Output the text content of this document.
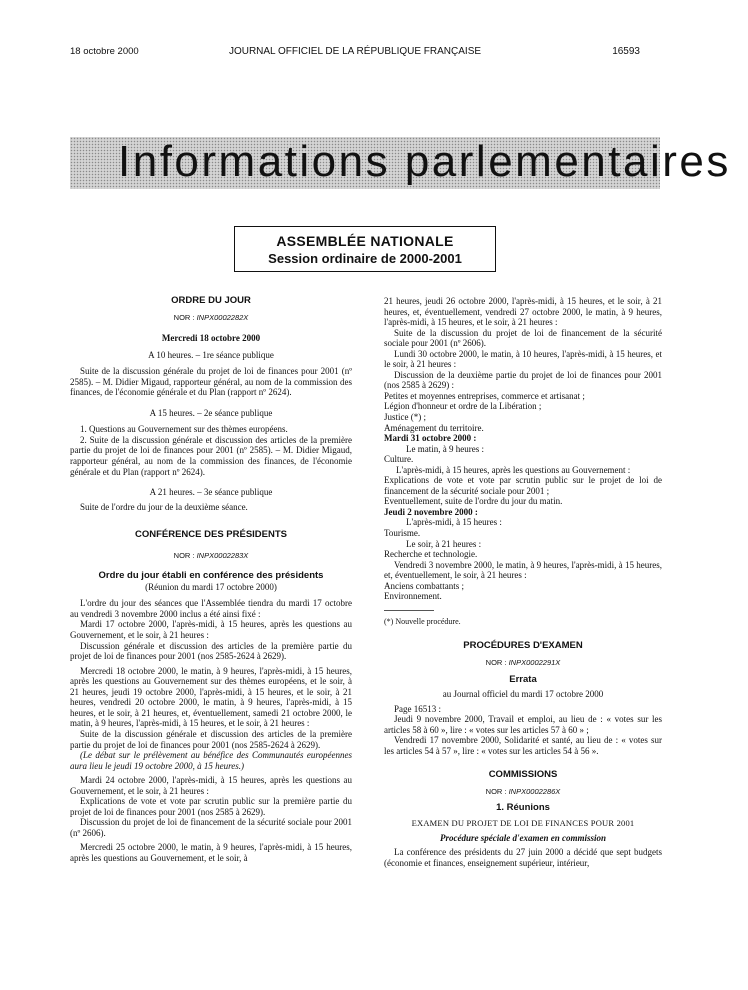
18 octobre 2000	JOURNAL OFFICIEL DE LA RÉPUBLIQUE FRANÇAISE	16593
Informations parlementaires
ASSEMBLÉE NATIONALE
Session ordinaire de 2000-2001

ORDRE DU JOUR

NOR : INPX0002282X

Mercredi 18 octobre 2000

A 10 heures. – 1re séance publique

Suite de la discussion générale du projet de loi de finances pour 2001 (nº 2585). – M. Didier Migaud, rapporteur général, au nom de la commission des finances, de l'économie générale et du Plan (rapport nº 2624).

A 15 heures. – 2e séance publique

1. Questions au Gouvernement sur des thèmes européens.

2. Suite de la discussion générale et discussion des articles de la première partie du projet de loi de finances pour 2001 (nº 2585). – M. Didier Migaud, rapporteur général, au nom de la commission des finances, de l'économie générale et du Plan (rapport nº 2624).

A 21 heures. – 3e séance publique

Suite de l'ordre du jour de la deuxième séance.

CONFÉRENCE DES PRÉSIDENTS

NOR : INPX0002283X

Ordre du jour établi en conférence des présidents

(Réunion du mardi 17 octobre 2000)

L'ordre du jour des séances que l'Assemblée tiendra du mardi 17 octobre au vendredi 3 novembre 2000 inclus a été ainsi fixé :

Mardi 17 octobre 2000, l'après-midi, à 15 heures, après les questions au Gouvernement, et le soir, à 21 heures :

Discussion générale et discussion des articles de la première partie du projet de loi de finances pour 2001 (nos 2585-2624 à 2629).

Mercredi 18 octobre 2000, le matin, à 9 heures, l'après-midi, à 15 heures, après les questions au Gouvernement sur des thèmes européens, et le soir, à 21 heures, jeudi 19 octobre 2000, l'après-midi, à 15 heures, et le soir, à 21 heures, vendredi 20 octobre 2000, le matin, à 9 heures, l'après-midi, à 15 heures, et le soir, à 21 heures, et, éventuellement, samedi 21 octobre 2000, le matin, à 9 heures, l'après-midi, à 15 heures, et le soir, à 21 heures :

Suite de la discussion générale et discussion des articles de la première partie du projet de loi de finances pour 2001 (nos 2585-2624 à 2629).

(Le débat sur le prélèvement au bénéfice des Communautés européennes aura lieu le jeudi 19 octobre 2000, à 15 heures.)

Mardi 24 octobre 2000, l'après-midi, à 15 heures, après les questions au Gouvernement, et le soir, à 21 heures :

Explications de vote et vote par scrutin public sur la première partie du projet de loi de finances pour 2001 (nos 2585 à 2629).

Discussion du projet de loi de financement de la sécurité sociale pour 2001 (nº 2606).

Mercredi 25 octobre 2000, le matin, à 9 heures, l'après-midi, à 15 heures, après les questions au Gouvernement, et le soir, à

21 heures, jeudi 26 octobre 2000, l'après-midi, à 15 heures, et le soir, à 21 heures, et, éventuellement, vendredi 27 octobre 2000, le matin, à 9 heures, l'après-midi, à 15 heures, et le soir, à 21 heures :

Suite de la discussion du projet de loi de financement de la sécurité sociale pour 2001 (nº 2606).

Lundi 30 octobre 2000, le matin, à 10 heures, l'après-midi, à 15 heures, et le soir, à 21 heures :

Discussion de la deuxième partie du projet de loi de finances pour 2001 (nos 2585 à 2629) :

Petites et moyennes entreprises, commerce et artisanat ;

Légion d'honneur et ordre de la Libération ;

Justice (*) ;

Aménagement du territoire.

Mardi 31 octobre 2000 :

Le matin, à 9 heures :

Culture.

L'après-midi, à 15 heures, après les questions au Gouvernement :

Explications de vote et vote par scrutin public sur le projet de loi de financement de la sécurité sociale pour 2001 ;

Eventuellement, suite de l'ordre du jour du matin.

Jeudi 2 novembre 2000 :

L'après-midi, à 15 heures :

Tourisme.

Le soir, à 21 heures :

Recherche et technologie.

Vendredi 3 novembre 2000, le matin, à 9 heures, l'après-midi, à 15 heures, et, éventuellement, le soir, à 21 heures :

Anciens combattants ;

Environnement.

(*) Nouvelle procédure.

PROCÉDURES D'EXAMEN

NOR : INPX0002291X

Errata

au Journal officiel du mardi 17 octobre 2000

Page 16513 :

Jeudi 9 novembre 2000, Travail et emploi, au lieu de : « votes sur les articles 58 à 60 », lire : « votes sur les articles 57 à 60 » ;

Vendredi 17 novembre 2000, Solidarité et santé, au lieu de : « votes sur les articles 54 à 57 », lire : « votes sur les articles 54 à 56 ».

COMMISSIONS

NOR : INPX0002286X

1. Réunions

EXAMEN DU PROJET DE LOI DE FINANCES POUR 2001

Procédure spéciale d'examen en commission

La conférence des présidents du 27 juin 2000 a décidé que sept budgets (économie et finances, enseignement supérieur, intérieur,
